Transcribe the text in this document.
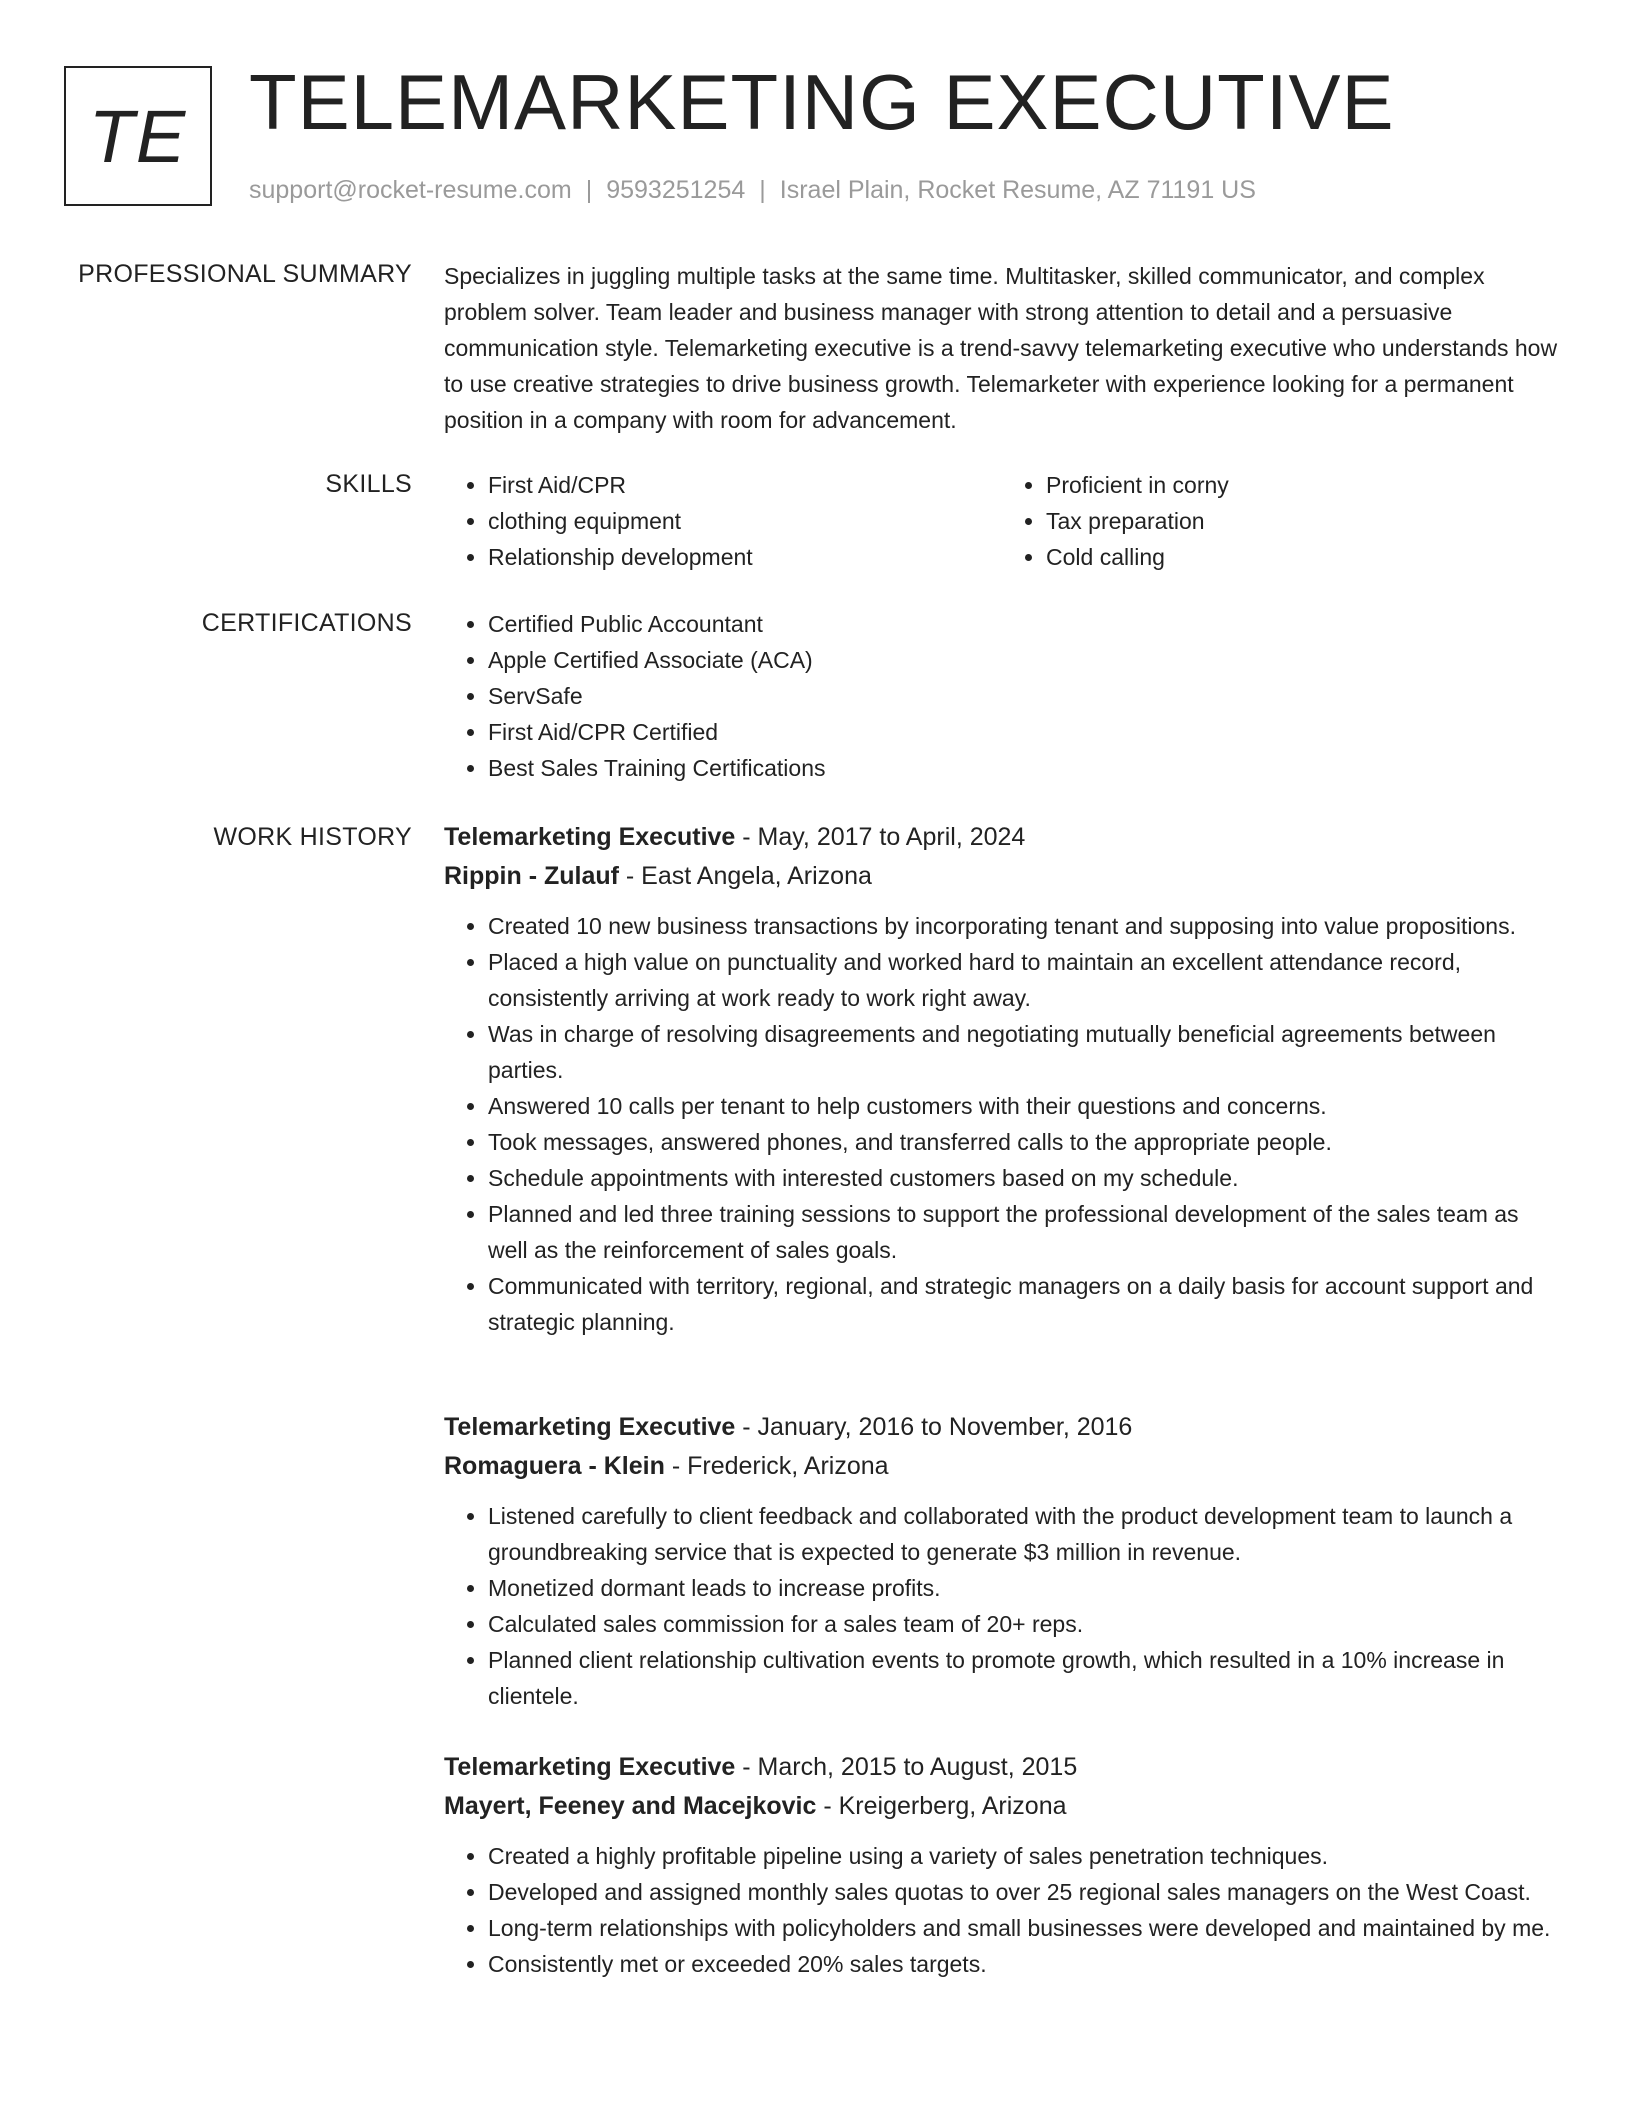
TE TELEMARKETING EXECUTIVE
support@rocket-resume.com | 9593251254 | Israel Plain, Rocket Resume, AZ 71191 US
PROFESSIONAL SUMMARY Specializes in juggling multiple tasks at the same time. Multitasker, skilled communicator, and complex problem solver. Team leader and business manager with strong attention to detail and a persuasive communication style. Telemarketing executive is a trend-savvy telemarketing executive who understands how to use creative strategies to drive business growth. Telemarketer with experience looking for a permanent position in a company with room for advancement.
SKILLS	• First Aid/CPR
• clothing equipment
• Relationship development
• Proficient in corny
• Tax preparation
• Cold calling
CERTIFICATIONS	• Certified Public Accountant
• Apple Certified Associate (ACA)
• ServSafe
• First Aid/CPR Certified
• Best Sales Training Certifications
WORK HISTORY Telemarketing Executive - May, 2017 to April, 2024
Rippin - Zulauf - East Angela, Arizona
• Created 10 new business transactions by incorporating tenant and supposing into value propositions.
• Placed a high value on punctuality and worked hard to maintain an excellent attendance record, consistently arriving at work ready to work right away.
• Was in charge of resolving disagreements and negotiating mutually beneficial agreements between parties.
• Answered 10 calls per tenant to help customers with their questions and concerns.
• Took messages, answered phones, and transferred calls to the appropriate people.
• Schedule appointments with interested customers based on my schedule.
• Planned and led three training sessions to support the professional development of the sales team as well as the reinforcement of sales goals.
• Communicated with territory, regional, and strategic managers on a daily basis for account support and strategic planning.
Telemarketing Executive - January, 2016 to November, 2016
Romaguera - Klein - Frederick, Arizona
• Listened carefully to client feedback and collaborated with the product development team to launch a groundbreaking service that is expected to generate $3 million in revenue.
• Monetized dormant leads to increase profits.
• Calculated sales commission for a sales team of 20+ reps.
• Planned client relationship cultivation events to promote growth, which resulted in a 10% increase in clientele.
Telemarketing Executive - March, 2015 to August, 2015
Mayert, Feeney and Macejkovic - Kreigerberg, Arizona
• Created a highly profitable pipeline using a variety of sales penetration techniques.
• Developed and assigned monthly sales quotas to over 25 regional sales managers on the West Coast.
• Long-term relationships with policyholders and small businesses were developed and maintained by me.
• Consistently met or exceeded 20% sales targets.
